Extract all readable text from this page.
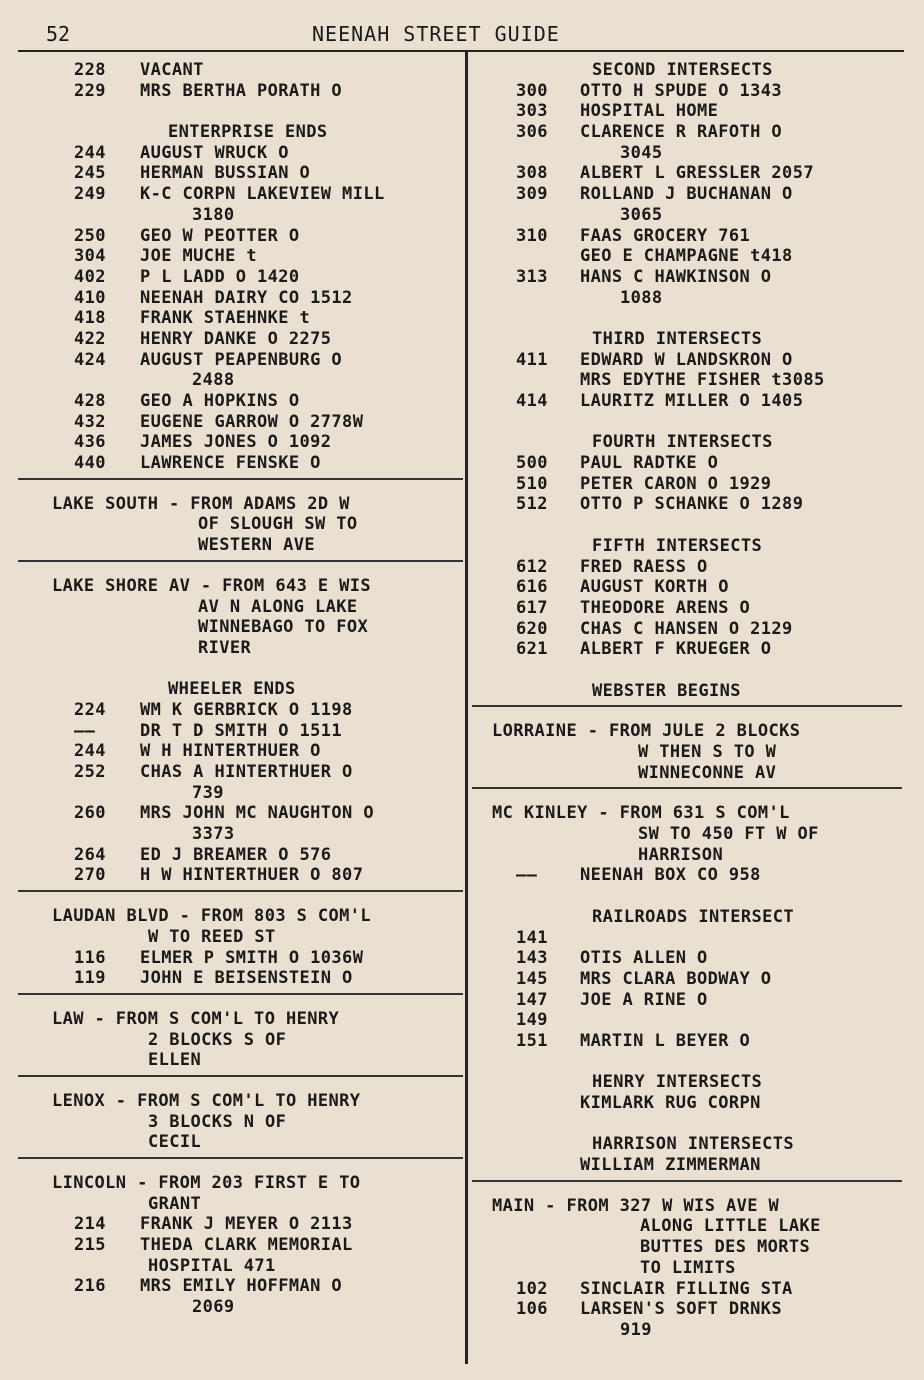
52	NEENAH STREET GUIDE
228 VACANT
229 MRS BERTHA PORATH O
ENTERPRISE ENDS
244 AUGUST WRUCK O
245 HERMAN BUSSIAN O
249 K-C CORPN LAKEVIEW MILL
3180
250 GEO W PEOTTER O
304 JOE MUCHE t
402 P L LADD O 1420
410 NEENAH DAIRY CO 1512
418 FRANK STAEHNKE t
422 HENRY DANKE O 2275
424 AUGUST PEAPENBURG O
2488
428 GEO A HOPKINS O
432 EUGENE GARROW O 2778W
436 JAMES JONES O 1092
440 LAWRENCE FENSKE O
LAKE SOUTH - FROM ADAMS 2D W
OF SLOUGH SW TO
WESTERN AVE
LAKE SHORE AV - FROM 643 E WIS
AV N ALONG LAKE
WINNEBAGO TO FOX
RIVER
WHEELER ENDS
224 WM K GERBRICK O 1198
——	DR T D SMITH O 1511
244 W H HINTERTHUER O
252 CHAS A HINTERTHUER O
739
260 MRS JOHN MC NAUGHTON O
3373
264 ED J BREAMER O 576
270 H W HINTERTHUER O 807
LAUDAN BLVD - FROM 803 S COM'L
W TO REED ST
116 ELMER P SMITH O 1036W
119 JOHN E BEISENSTEIN O
LAW - FROM S COM'L TO HENRY
2 BLOCKS S OF
ELLEN
LENOX - FROM S COM'L TO HENRY
3 BLOCKS N OF
CECIL
LINCOLN - FROM 203 FIRST E TO
GRANT
214 FRANK J MEYER O 2113
215 THEDA CLARK MEMORIAL
HOSPITAL 471
216 MRS EMILY HOFFMAN O
2069
SECOND INTERSECTS
300 OTTO H SPUDE O 1343
303 HOSPITAL HOME
306 CLARENCE R RAFOTH O
3045
308 ALBERT L GRESSLER 2057
309 ROLLAND J BUCHANAN O
3065
310 FAAS GROCERY 761
GEO E CHAMPAGNE t418
313 HANS C HAWKINSON O
1088
THIRD INTERSECTS
411 EDWARD W LANDSKRON O
MRS EDYTHE FISHER t3085
414 LAURITZ MILLER O 1405
FOURTH INTERSECTS
500 PAUL RADTKE O
510 PETER CARON O 1929
512 OTTO P SCHANKE O 1289
FIFTH INTERSECTS
612 FRED RAESS O
616 AUGUST KORTH O
617 THEODORE ARENS O
620 CHAS C HANSEN O 2129
621 ALBERT F KRUEGER O
WEBSTER BEGINS
LORRAINE - FROM JULE 2 BLOCKS
W THEN S TO W
WINNECONNE AV
MC KINLEY - FROM 631 S COM'L
SW TO 450 FT W OF
HARRISON
——	NEENAH BOX CO 958
RAILROADS INTERSECT
141
143 OTIS ALLEN O
145 MRS CLARA BODWAY O
147 JOE A RINE O
149
151 MARTIN L BEYER O
HENRY INTERSECTS
KIMLARK RUG CORPN
HARRISON INTERSECTS
WILLIAM ZIMMERMAN
MAIN - FROM 327 W WIS AVE W
ALONG LITTLE LAKE
BUTTES DES MORTS
TO LIMITS
102 SINCLAIR FILLING STA
106 LARSEN'S SOFT DRNKS
919
